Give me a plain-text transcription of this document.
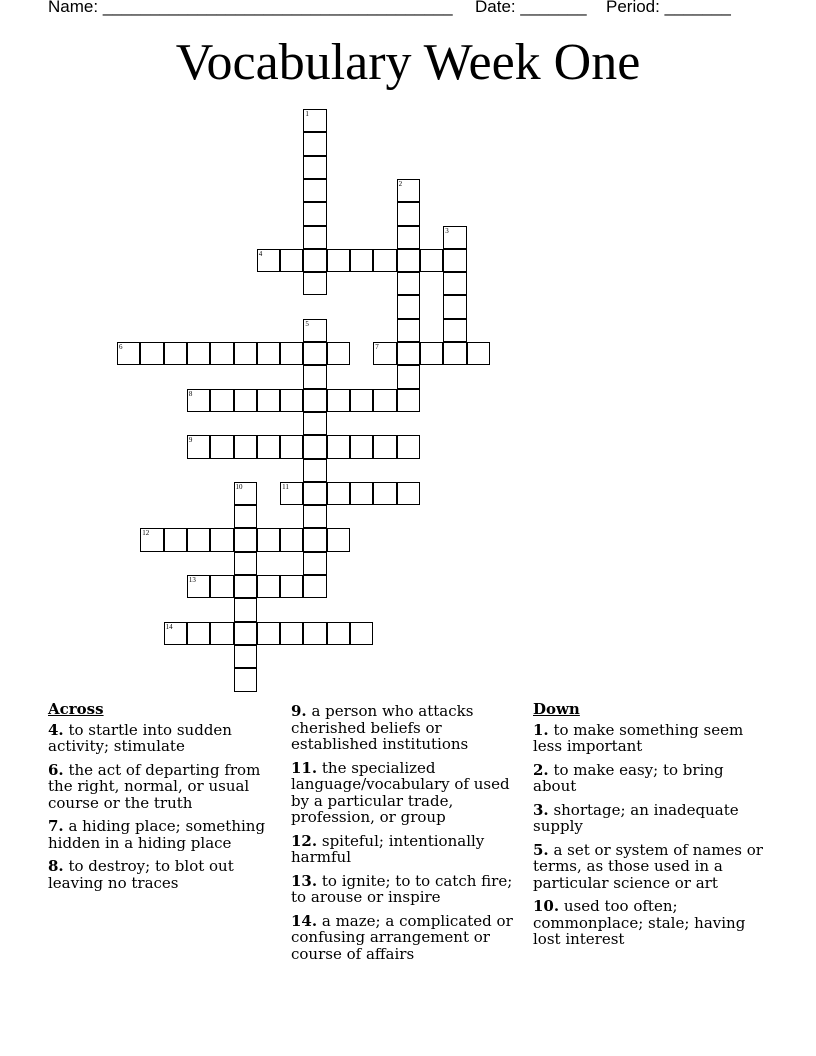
Name: _____________________________________ Date: _______ Period: _______
Vocabulary Week One
1
2
3
4
5
6	7
8
9
10	11
12
13
14
Across
4. to startle into sudden activity; stimulate
6. the act of departing from the right, normal, or usual course or the truth
7. a hiding place; something hidden in a hiding place
8. to destroy; to blot out leaving no traces
9. a person who attacks cherished beliefs or established institutions
11. the specialized language/vocabulary of used by a particular trade, profession, or group
12. spiteful; intentionally harmful
13. to ignite; to to catch fire; to arouse or inspire
14. a maze; a complicated or confusing arrangement or course of affairs
Down
1. to make something seem less important
2. to make easy; to bring about
3. shortage; an inadequate supply
5. a set or system of names or terms, as those used in a particular science or art
10. used too often; commonplace; stale; having lost interest
